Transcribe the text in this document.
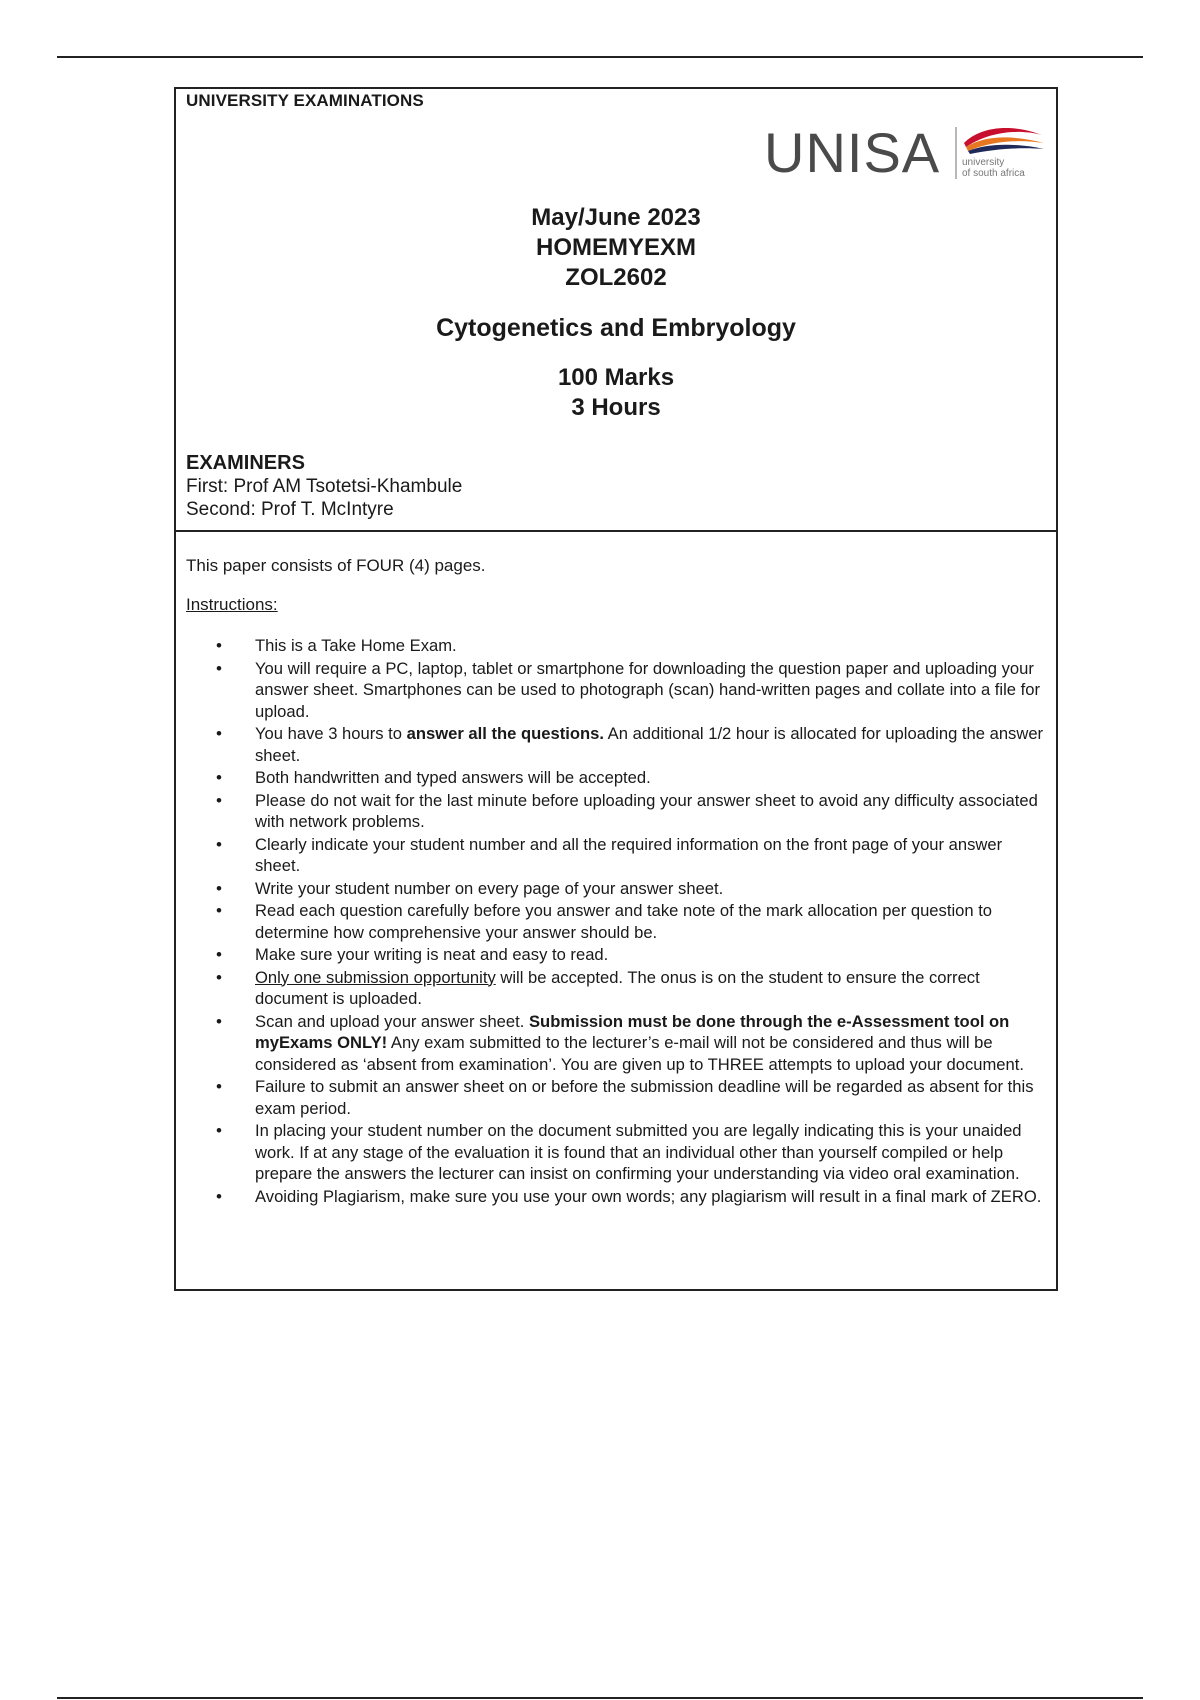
UNIVERSITY EXAMINATIONS
UNISA university
of south africa
May/June 2023
HOMEMYEXM
ZOL2602
Cytogenetics and Embryology
100 Marks
3 Hours
EXAMINERS
First: Prof AM Tsotetsi-Khambule
Second: Prof T. McIntyre
This paper consists of FOUR (4) pages.
Instructions:
• This is a Take Home Exam.
• You will require a PC, laptop, tablet or smartphone for downloading the question paper and uploading your answer sheet. Smartphones can be used to photograph (scan) hand-written pages and collate into a file for upload.
• You have 3 hours to answer all the questions. An additional 1/2 hour is allocated for uploading the answer sheet.
• Both handwritten and typed answers will be accepted.
• Please do not wait for the last minute before uploading your answer sheet to avoid any difficulty associated with network problems.
• Clearly indicate your student number and all the required information on the front page of your answer sheet.
• Write your student number on every page of your answer sheet.
• Read each question carefully before you answer and take note of the mark allocation per question to determine how comprehensive your answer should be.
• Make sure your writing is neat and easy to read.
• Only one submission opportunity will be accepted. The onus is on the student to ensure the correct document is uploaded.
• Scan and upload your answer sheet. Submission must be done through the e-Assessment tool on myExams ONLY! Any exam submitted to the lecturer’s e-mail will not be considered and thus will be considered as ‘absent from examination’. You are given up to THREE attempts to upload your document.
• Failure to submit an answer sheet on or before the submission deadline will be regarded as absent for this exam period.
• In placing your student number on the document submitted you are legally indicating this is your unaided work. If at any stage of the evaluation it is found that an individual other than yourself compiled or help prepare the answers the lecturer can insist on confirming your understanding via video oral examination.
• Avoiding Plagiarism, make sure you use your own words; any plagiarism will result in a final mark of ZERO.
